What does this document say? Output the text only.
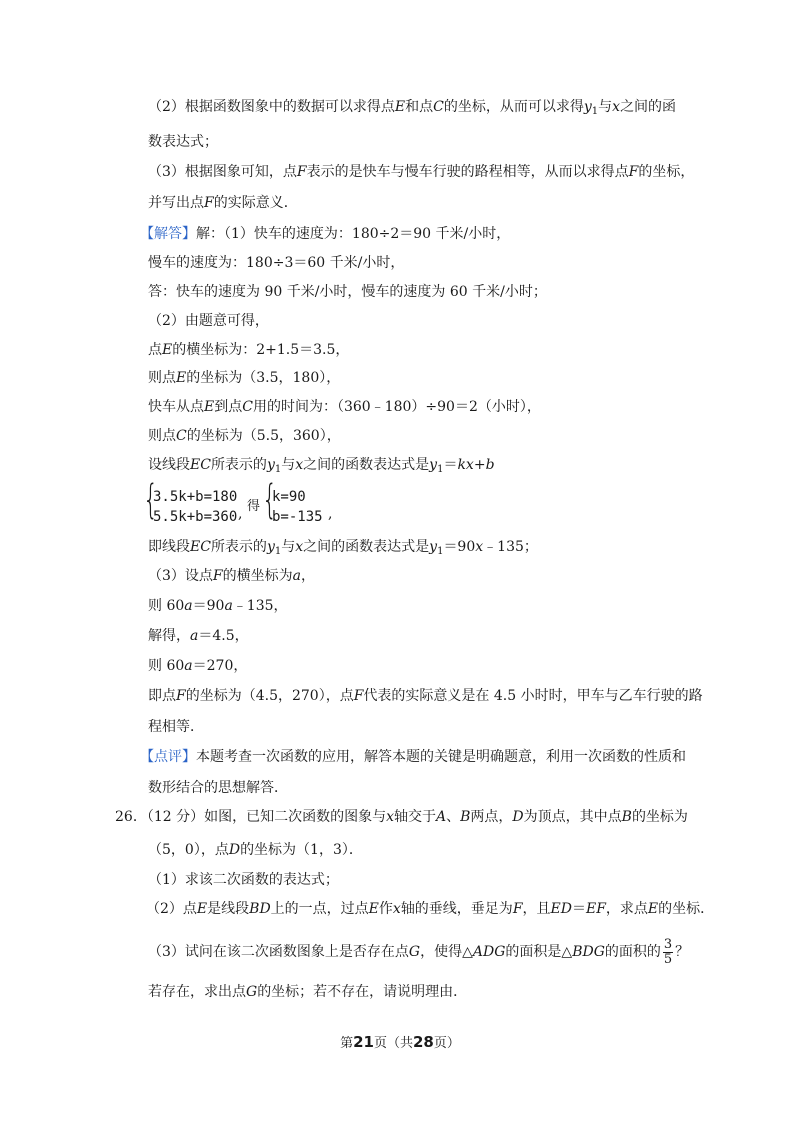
（2）根据函数图象中的数据可以求得点E和点C的坐标，从而可以求得$y_1$与x之间的函
数表达式；
（3）根据图象可知，点F表示的是快车与慢车行驶的路程相等，从而以求得点F的坐标，
并写出点F的实际意义．
【解答】解：（1）快车的速度为：180÷2＝90 千米/小时，
慢车的速度为：180÷3＝60 千米/小时，
答：快车的速度为 90 千米/小时，慢车的速度为 60 千米/小时；
（2）由题意可得，
点E的横坐标为：2+1.5＝3.5，
则点E的坐标为（3.5，180），
快车从点E到点C用的时间为：（360﹣180）÷90＝2（小时），
则点C的坐标为（5.5，360），
设线段EC所表示的$y_1$与x之间的函数表达式是$y_1=kx+b$
{
3.5k+b=180
5.5k+b=360 , 得 {
k=90
b=-135 ,
即线段EC所表示的$y_1$与x之间的函数表达式是$y_1=90x﹣135$；
（3）设点F的横坐标为a，
则 60a＝90a﹣135，
解得，a＝4.5，
则 60a＝270，
即点F的坐标为（4.5，270），点F代表的实际意义是在 4.5 小时时，甲车与乙车行驶的路
程相等．
【点评】本题考查一次函数的应用，解答本题的关键是明确题意，利用一次函数的性质和
数形结合的思想解答．
26．（12 分）如图，已知二次函数的图象与x轴交于A、B两点，D为顶点，其中点B的坐标为
（5，0），点D的坐标为（1，3）．
（1）求该二次函数的表达式；
（2）点E是线段BD上的一点，过点E作x轴的垂线，垂足为F，且ED＝EF，求点E的坐标．
（3）试问在该二次函数图象上是否存在点G，使得△ADG的面积是△BDG的面积的 $\frac{3}{5}$ ？
若存在，求出点G的坐标；若不存在，请说明理由．
第21页（共28页）
